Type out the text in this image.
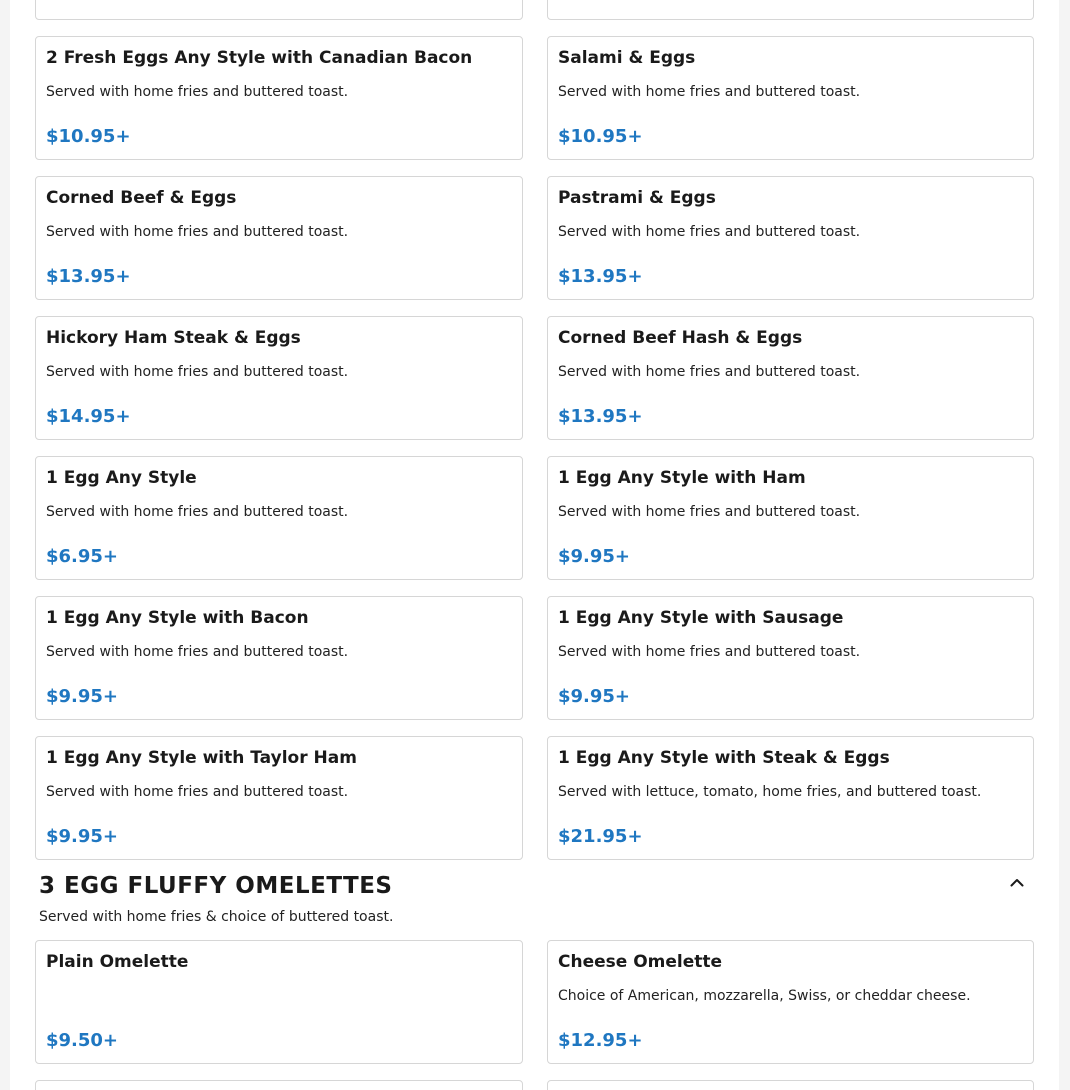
2 Fresh Eggs Any Style with Canadian Bacon
Served with home fries and buttered toast.
$10.95+
Salami & Eggs
Served with home fries and buttered toast.
$10.95+
Corned Beef & Eggs
Served with home fries and buttered toast.
$13.95+
Pastrami & Eggs
Served with home fries and buttered toast.
$13.95+
Hickory Ham Steak & Eggs
Served with home fries and buttered toast.
$14.95+
Corned Beef Hash & Eggs
Served with home fries and buttered toast.
$13.95+
1 Egg Any Style
Served with home fries and buttered toast.
$6.95+
1 Egg Any Style with Ham
Served with home fries and buttered toast.
$9.95+
1 Egg Any Style with Bacon
Served with home fries and buttered toast.
$9.95+
1 Egg Any Style with Sausage
Served with home fries and buttered toast.
$9.95+
1 Egg Any Style with Taylor Ham
Served with home fries and buttered toast.
$9.95+
1 Egg Any Style with Steak & Eggs
Served with lettuce, tomato, home fries, and buttered toast.
$21.95+
3 EGG FLUFFY OMELETTES
Served with home fries & choice of buttered toast.
Plain Omelette
$9.50+
Cheese Omelette
Choice of American, mozzarella, Swiss, or cheddar cheese.
$12.95+
